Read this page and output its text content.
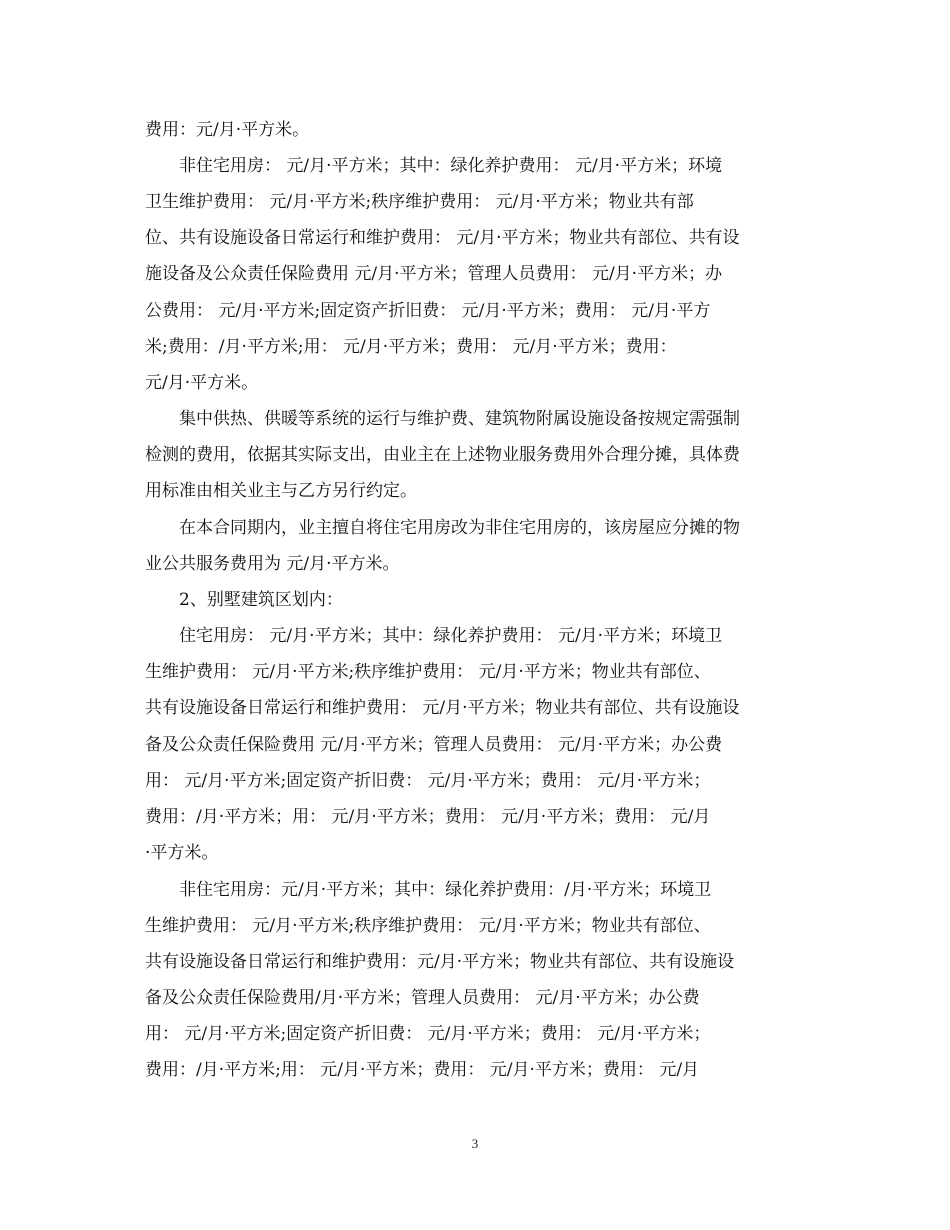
费用：元/月·平方米。
　　非住宅用房： 元/月·平方米；其中：绿化养护费用： 元/月·平方米；环境
卫生维护费用： 元/月·平方米;秩序维护费用： 元/月·平方米；物业共有部
位、共有设施设备日常运行和维护费用： 元/月·平方米；物业共有部位、共有设
施设备及公众责任保险费用 元/月·平方米；管理人员费用： 元/月·平方米；办
公费用： 元/月·平方米;固定资产折旧费： 元/月·平方米；费用： 元/月·平方
米;费用：/月·平方米;用： 元/月·平方米；费用： 元/月·平方米；费用：
元/月·平方米。
　　集中供热、供暖等系统的运行与维护费、建筑物附属设施设备按规定需强制
检测的费用，依据其实际支出，由业主在上述物业服务费用外合理分摊，具体费
用标准由相关业主与乙方另行约定。
　　在本合同期内，业主擅自将住宅用房改为非住宅用房的，该房屋应分摊的物
业公共服务费用为 元/月·平方米。
　　2、别墅建筑区划内：
　　住宅用房： 元/月·平方米；其中：绿化养护费用： 元/月·平方米；环境卫
生维护费用： 元/月·平方米;秩序维护费用： 元/月·平方米；物业共有部位、
共有设施设备日常运行和维护费用： 元/月·平方米；物业共有部位、共有设施设
备及公众责任保险费用 元/月·平方米；管理人员费用： 元/月·平方米；办公费
用： 元/月·平方米;固定资产折旧费： 元/月·平方米；费用： 元/月·平方米；
费用：/月·平方米；用： 元/月·平方米；费用： 元/月·平方米；费用： 元/月
·平方米。
　　非住宅用房：元/月·平方米；其中：绿化养护费用：/月·平方米；环境卫
生维护费用： 元/月·平方米;秩序维护费用： 元/月·平方米；物业共有部位、
共有设施设备日常运行和维护费用：元/月·平方米；物业共有部位、共有设施设
备及公众责任保险费用/月·平方米；管理人员费用： 元/月·平方米；办公费
用： 元/月·平方米;固定资产折旧费： 元/月·平方米；费用： 元/月·平方米；
费用：/月·平方米;用： 元/月·平方米；费用： 元/月·平方米；费用： 元/月
3
